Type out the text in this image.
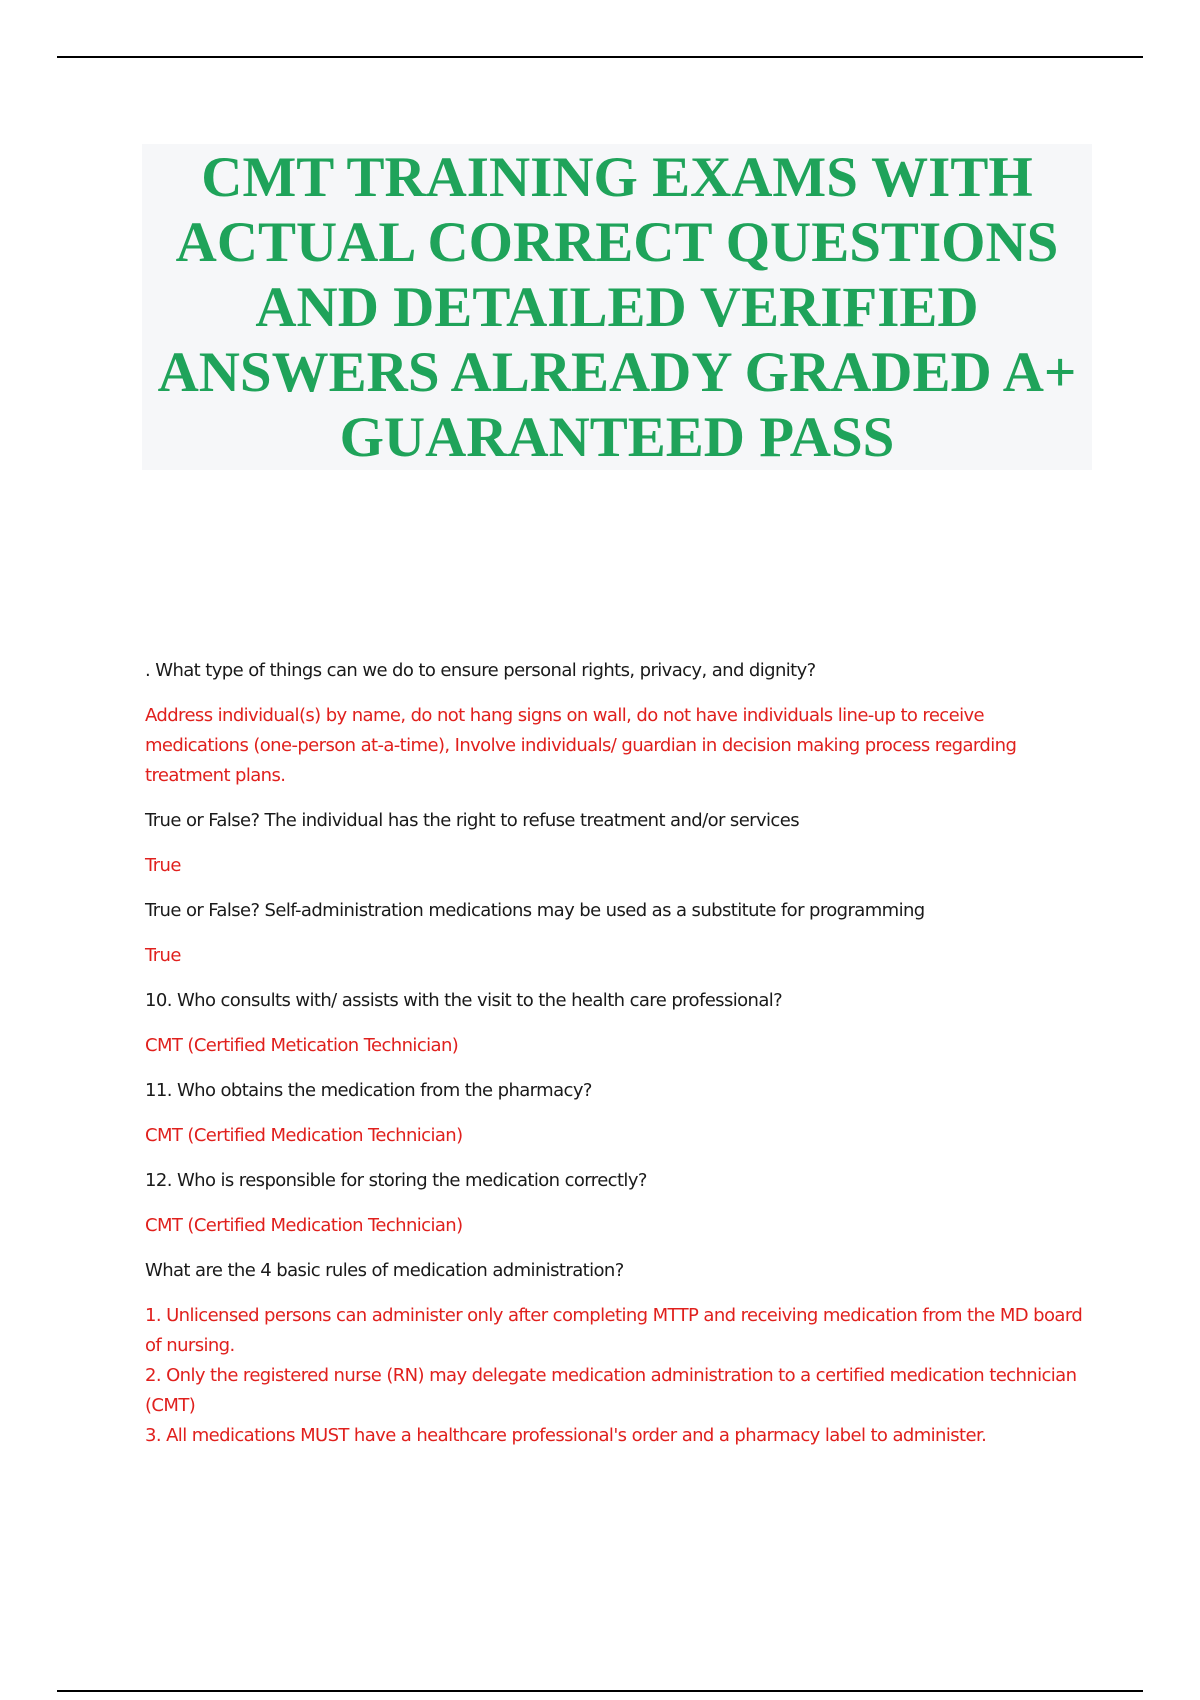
CMT TRAINING EXAMS WITH
ACTUAL CORRECT QUESTIONS
AND DETAILED VERIFIED
ANSWERS ALREADY GRADED A+
GUARANTEED PASS

. What type of things can we do to ensure personal rights, privacy, and dignity?

Address individual(s) by name, do not hang signs on wall, do not have individuals line-up to receive medications (one-person at-a-time), Involve individuals/ guardian in decision making process regarding treatment plans.

True or False? The individual has the right to refuse treatment and/or services

True

True or False? Self-administration medications may be used as a substitute for programming

True

10. Who consults with/ assists with the visit to the health care professional?

CMT (Certified Metication Technician)

11. Who obtains the medication from the pharmacy?

CMT (Certified Medication Technician)

12. Who is responsible for storing the medication correctly?

CMT (Certified Medication Technician)

What are the 4 basic rules of medication administration?

1. Unlicensed persons can administer only after completing MTTP and receiving medication from the MD board of nursing.

2. Only the registered nurse (RN) may delegate medication administration to a certified medication technician (CMT)

3. All medications MUST have a healthcare professional's order and a pharmacy label to administer.
